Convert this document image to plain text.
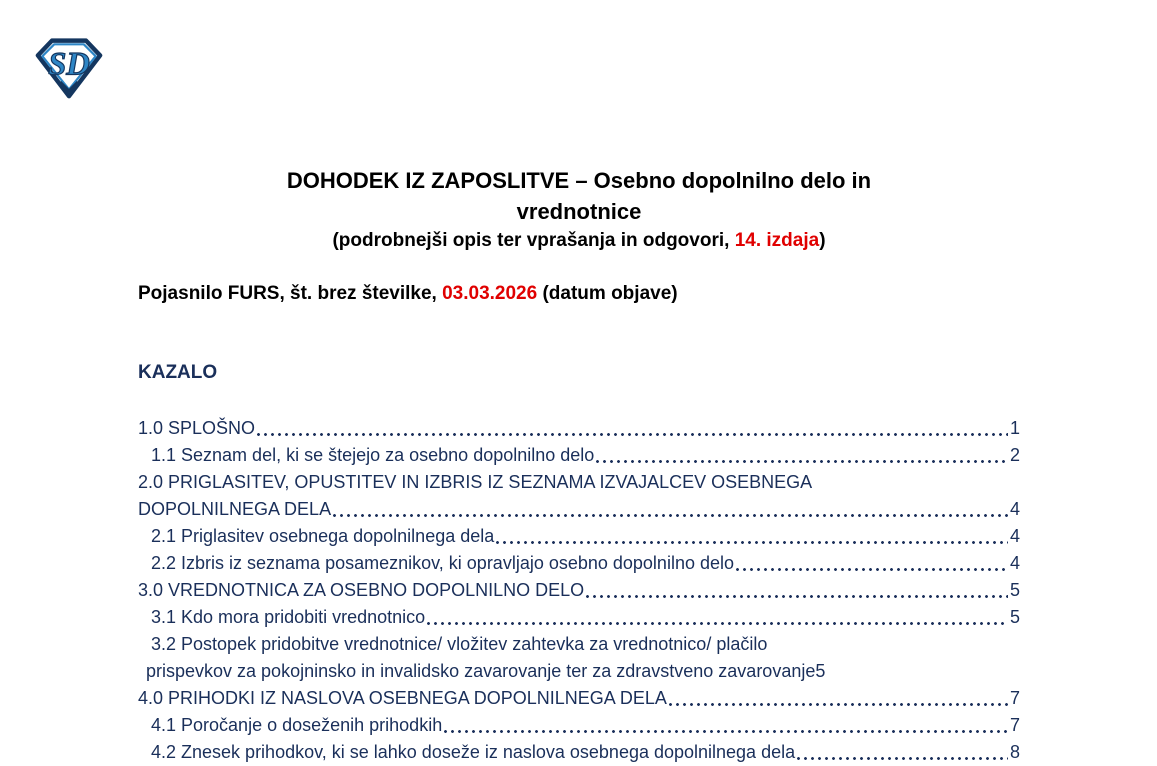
SD
DOHODEK IZ ZAPOSLITVE – Osebno dopolnilno delo in
vrednotnice
(podrobnejši opis ter vprašanja in odgovori, 14. izdaja)
Pojasnilo FURS, št. brez številke, 03.03.2026 (datum objave)
KAZALO
1.0 SPLOŠNO	1
1.1 Seznam del, ki se štejejo za osebno dopolnilno delo	2
2.0 PRIGLASITEV, OPUSTITEV IN IZBRIS IZ SEZNAMA IZVAJALCEV OSEBNEGA
DOPOLNILNEGA DELA	4
2.1 Priglasitev osebnega dopolnilnega dela	4
2.2 Izbris iz seznama posameznikov, ki opravljajo osebno dopolnilno delo	4
3.0 VREDNOTNICA ZA OSEBNO DOPOLNILNO DELO	5
3.1 Kdo mora pridobiti vrednotnico	5
3.2 Postopek pridobitve vrednotnice/ vložitev zahtevka za vrednotnico/ plačilo
prispevkov za pokojninsko in invalidsko zavarovanje ter za zdravstveno zavarovanje 5
4.0 PRIHODKI IZ NASLOVA OSEBNEGA DOPOLNILNEGA DELA	7
4.1 Poročanje o doseženih prihodkih	7
4.2 Znesek prihodkov, ki se lahko doseže iz naslova osebnega dopolnilnega dela	8
